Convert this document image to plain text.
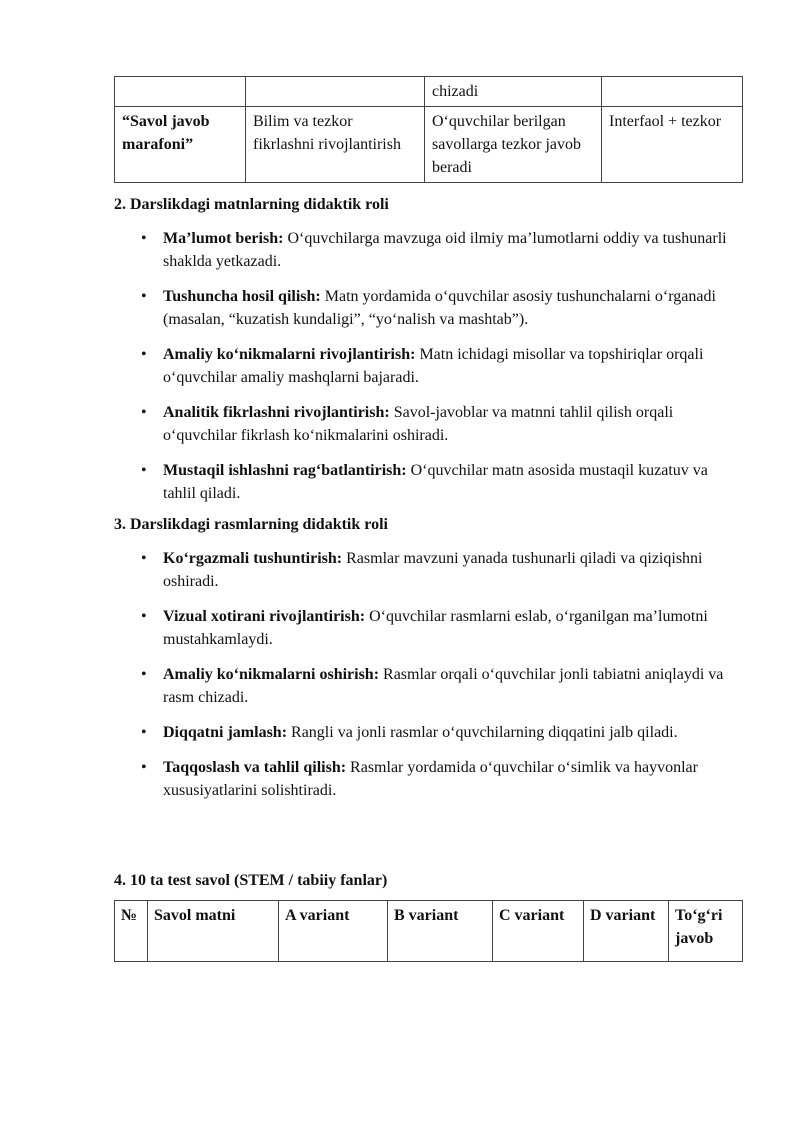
		chizadi	
“Savol javob marafoni”	Bilim va tezkor fikrlashni rivojlantirish	O‘quvchilar berilgan savollarga tezkor javob beradi	Interfaol + tezkor

2. Darslikdagi matnlarning didaktik roli

• Ma’lumot berish: O‘quvchilarga mavzuga oid ilmiy ma’lumotlarni oddiy va tushunarli shaklda yetkazadi.
• Tushuncha hosil qilish: Matn yordamida o‘quvchilar asosiy tushunchalarni o‘rganadi (masalan, “kuzatish kundaligi”, “yo‘nalish va mashtab”).
• Amaliy ko‘nikmalarni rivojlantirish: Matn ichidagi misollar va topshiriqlar orqali o‘quvchilar amaliy mashqlarni bajaradi.
• Analitik fikrlashni rivojlantirish: Savol-javoblar va matnni tahlil qilish orqali o‘quvchilar fikrlash ko‘nikmalarini oshiradi.
• Mustaqil ishlashni rag‘batlantirish: O‘quvchilar matn asosida mustaqil kuzatuv va tahlil qiladi.

3. Darslikdagi rasmlarning didaktik roli

• Ko‘rgazmali tushuntirish: Rasmlar mavzuni yanada tushunarli qiladi va qiziqishni oshiradi.
• Vizual xotirani rivojlantirish: O‘quvchilar rasmlarni eslab, o‘rganilgan ma’lumotni mustahkamlaydi.
• Amaliy ko‘nikmalarni oshirish: Rasmlar orqali o‘quvchilar jonli tabiatni aniqlaydi va rasm chizadi.
• Diqqatni jamlash: Rangli va jonli rasmlar o‘quvchilarning diqqatini jalb qiladi.
• Taqqoslash va tahlil qilish: Rasmlar yordamida o‘quvchilar o‘simlik va hayvonlar xususiyatlarini solishtiradi.

4. 10 ta test savol (STEM / tabiiy fanlar)

№	Savol matni	A variant	B variant	C variant	D variant	To‘g‘ri javob
